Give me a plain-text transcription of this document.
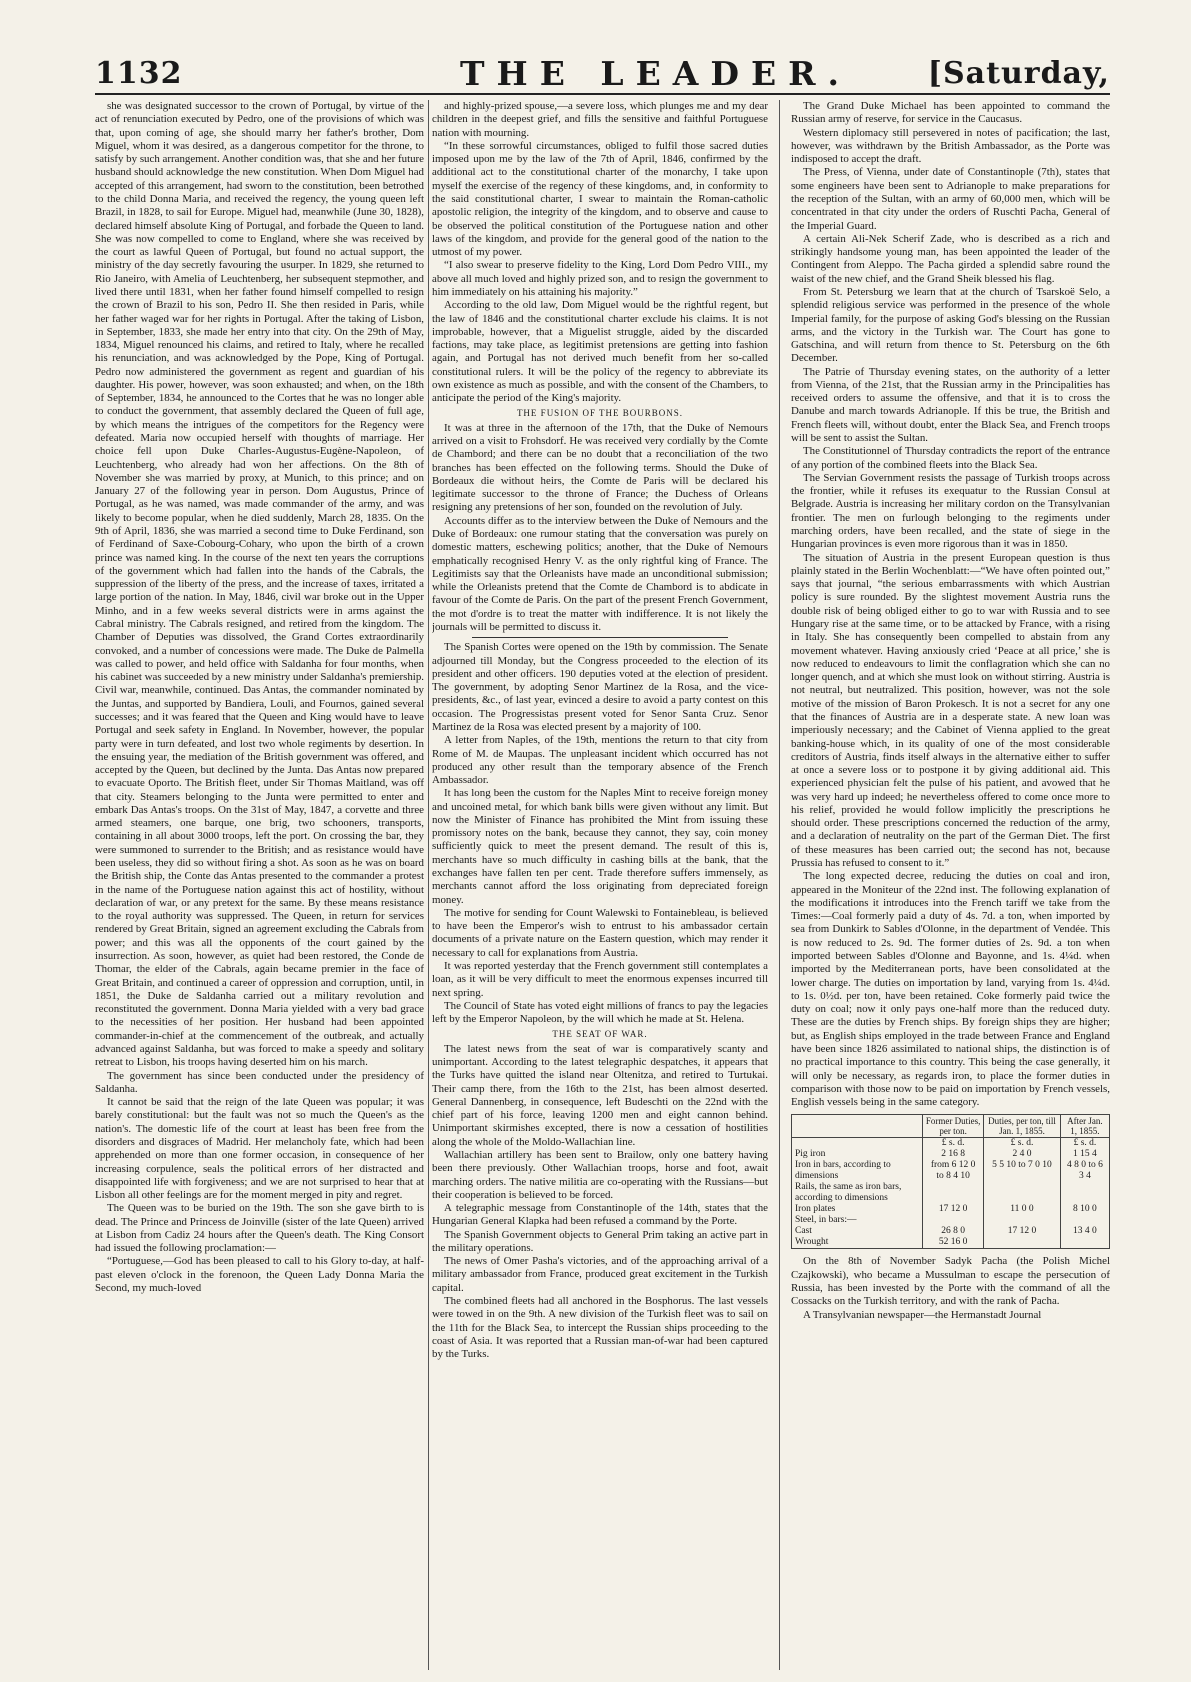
1132	THE LEADER.	[Saturday,

she was designated successor to the crown of Portugal, by virtue of the act of renunciation executed by Pedro, one of the provisions of which was that, upon coming of age, she should marry her father's brother, Dom Miguel, whom it was desired, as a dangerous competitor for the throne, to satisfy by such arrangement. Another condition was, that she and her future husband should acknowledge the new constitution. When Dom Miguel had accepted of this arrangement, had sworn to the constitution, been betrothed to the child Donna Maria, and received the regency, the young queen left Brazil, in 1828, to sail for Europe. Miguel had, meanwhile (June 30, 1828), declared himself absolute King of Portugal, and forbade the Queen to land. She was now compelled to come to England, where she was received by the court as lawful Queen of Portugal, but found no actual support, the ministry of the day secretly favouring the usurper. In 1829, she returned to Rio Janeiro, with Amelia of Leuchtenberg, her subsequent stepmother, and lived there until 1831, when her father found himself compelled to resign the crown of Brazil to his son, Pedro II. She then resided in Paris, while her father waged war for her rights in Portugal. After the taking of Lisbon, in September, 1833, she made her entry into that city. On the 29th of May, 1834, Miguel renounced his claims, and retired to Italy, where he recalled his renunciation, and was acknowledged by the Pope, King of Portugal. Pedro now administered the government as regent and guardian of his daughter. His power, however, was soon exhausted; and when, on the 18th of September, 1834, he announced to the Cortes that he was no longer able to conduct the government, that assembly declared the Queen of full age, by which means the intrigues of the competitors for the Regency were defeated. Maria now occupied herself with thoughts of marriage. Her choice fell upon Duke Charles-Augustus-Eugène-Napoleon, of Leuchtenberg, who already had won her affections. On the 8th of November she was married by proxy, at Munich, to this prince; and on January 27 of the following year in person. Dom Augustus, Prince of Portugal, as he was named, was made commander of the army, and was likely to become popular, when he died suddenly, March 28, 1835. On the 9th of April, 1836, she was married a second time to Duke Ferdinand, son of Ferdinand of Saxe-Cobourg-Cohary, who upon the birth of a crown prince was named king. In the course of the next ten years the corruptions of the government which had fallen into the hands of the Cabrals, the suppression of the liberty of the press, and the increase of taxes, irritated a large portion of the nation. In May, 1846, civil war broke out in the Upper Minho, and in a few weeks several districts were in arms against the Cabral ministry. The Cabrals resigned, and retired from the kingdom. The Chamber of Deputies was dissolved, the Grand Cortes extraordinarily convoked, and a number of concessions were made. The Duke de Palmella was called to power, and held office with Saldanha for four months, when his cabinet was succeeded by a new ministry under Saldanha's premiership. Civil war, meanwhile, continued. Das Antas, the commander nominated by the Juntas, and supported by Bandiera, Louli, and Fournos, gained several successes; and it was feared that the Queen and King would have to leave Portugal and seek safety in England. In November, however, the popular party were in turn defeated, and lost two whole regiments by desertion. In the ensuing year, the mediation of the British government was offered, and accepted by the Queen, but declined by the Junta. Das Antas now prepared to evacuate Oporto. The British fleet, under Sir Thomas Maitland, was off that city. Steamers belonging to the Junta were permitted to enter and embark Das Antas's troops. On the 31st of May, 1847, a corvette and three armed steamers, one barque, one brig, two schooners, transports, containing in all about 3000 troops, left the port. On crossing the bar, they were summoned to surrender to the British; and as resistance would have been useless, they did so without firing a shot. As soon as he was on board the British ship, the Conte das Antas presented to the commander a protest in the name of the Portuguese nation against this act of hostility, without declaration of war, or any pretext for the same. By these means resistance to the royal authority was suppressed. The Queen, in return for services rendered by Great Britain, signed an agreement excluding the Cabrals from power; and this was all the opponents of the court gained by the insurrection. As soon, however, as quiet had been restored, the Conde de Thomar, the elder of the Cabrals, again became premier in the face of Great Britain, and continued a career of oppression and corruption, until, in 1851, the Duke de Saldanha carried out a military revolution and reconstituted the government. Donna Maria yielded with a very bad grace to the necessities of her position. Her husband had been appointed commander-in-chief at the commencement of the outbreak, and actually advanced against Saldanha, but was forced to make a speedy and solitary retreat to Lisbon, his troops having deserted him on his march.

The government has since been conducted under the presidency of Saldanha.

It cannot be said that the reign of the late Queen was popular; it was barely constitutional: but the fault was not so much the Queen's as the nation's. The domestic life of the court at least has been free from the disorders and disgraces of Madrid. Her melancholy fate, which had been apprehended on more than one former occasion, in consequence of her increasing corpulence, seals the political errors of her distracted and disappointed life with forgiveness; and we are not surprised to hear that at Lisbon all other feelings are for the moment merged in pity and regret.

The Queen was to be buried on the 19th. The son she gave birth to is dead. The Prince and Princess de Joinville (sister of the late Queen) arrived at Lisbon from Cadiz 24 hours after the Queen's death. The King Consort had issued the following proclamation:—

“Portuguese,—God has been pleased to call to his Glory to-day, at half-past eleven o'clock in the forenoon, the Queen Lady Donna Maria the Second, my much-loved

and highly-prized spouse,—a severe loss, which plunges me and my dear children in the deepest grief, and fills the sensitive and faithful Portuguese nation with mourning.

“In these sorrowful circumstances, obliged to fulfil those sacred duties imposed upon me by the law of the 7th of April, 1846, confirmed by the additional act to the constitutional charter of the monarchy, I take upon myself the exercise of the regency of these kingdoms, and, in conformity to the said constitutional charter, I swear to maintain the Roman-catholic apostolic religion, the integrity of the kingdom, and to observe and cause to be observed the political constitution of the Portuguese nation and other laws of the kingdom, and provide for the general good of the nation to the utmost of my power.

“I also swear to preserve fidelity to the King, Lord Dom Pedro VIII., my above all much loved and highly prized son, and to resign the government to him immediately on his attaining his majority.”

According to the old law, Dom Miguel would be the rightful regent, but the law of 1846 and the constitutional charter exclude his claims. It is not improbable, however, that a Miguelist struggle, aided by the discarded factions, may take place, as legitimist pretensions are getting into fashion again, and Portugal has not derived much benefit from her so-called constitutional rulers. It will be the policy of the regency to abbreviate its own existence as much as possible, and with the consent of the Chambers, to anticipate the period of the King's majority.

THE FUSION OF THE BOURBONS.

It was at three in the afternoon of the 17th, that the Duke of Nemours arrived on a visit to Frohsdorf. He was received very cordially by the Comte de Chambord; and there can be no doubt that a reconciliation of the two branches has been effected on the following terms. Should the Duke of Bordeaux die without heirs, the Comte de Paris will be declared his legitimate successor to the throne of France; the Duchess of Orleans resigning any pretensions of her son, founded on the revolution of July.

Accounts differ as to the interview between the Duke of Nemours and the Duke of Bordeaux: one rumour stating that the conversation was purely on domestic matters, eschewing politics; another, that the Duke of Nemours emphatically recognised Henry V. as the only rightful king of France. The Legitimists say that the Orleanists have made an unconditional submission; while the Orleanists pretend that the Comte de Chambord is to abdicate in favour of the Comte de Paris. On the part of the present French Government, the mot d'ordre is to treat the matter with indifference. It is not likely the journals will be permitted to discuss it.

The Spanish Cortes were opened on the 19th by commission. The Senate adjourned till Monday, but the Congress proceeded to the election of its president and other officers. 190 deputies voted at the election of president. The government, by adopting Senor Martinez de la Rosa, and the vice-presidents, &c., of last year, evinced a desire to avoid a party contest on this occasion. The Progressistas present voted for Senor Santa Cruz. Senor Martinez de la Rosa was elected present by a majority of 100.

A letter from Naples, of the 19th, mentions the return to that city from Rome of M. de Maupas. The unpleasant incident which occurred has not produced any other result than the temporary absence of the French Ambassador.

It has long been the custom for the Naples Mint to receive foreign money and uncoined metal, for which bank bills were given without any limit. But now the Minister of Finance has prohibited the Mint from issuing these promissory notes on the bank, because they cannot, they say, coin money sufficiently quick to meet the present demand. The result of this is, merchants have so much difficulty in cashing bills at the bank, that the exchanges have fallen ten per cent. Trade therefore suffers immensely, as merchants cannot afford the loss originating from depreciated foreign money.

The motive for sending for Count Walewski to Fontainebleau, is believed to have been the Emperor's wish to entrust to his ambassador certain documents of a private nature on the Eastern question, which may render it necessary to call for explanations from Austria.

It was reported yesterday that the French government still contemplates a loan, as it will be very difficult to meet the enormous expenses incurred till next spring.

The Council of State has voted eight millions of francs to pay the legacies left by the Emperor Napoleon, by the will which he made at St. Helena.

THE SEAT OF WAR.

The latest news from the seat of war is comparatively scanty and unimportant. According to the latest telegraphic despatches, it appears that the Turks have quitted the island near Oltenitza, and retired to Turtukai. Their camp there, from the 16th to the 21st, has been almost deserted. General Dannenberg, in consequence, left Budeschti on the 22nd with the chief part of his force, leaving 1200 men and eight cannon behind. Unimportant skirmishes excepted, there is now a cessation of hostilities along the whole of the Moldo-Wallachian line.

Wallachian artillery has been sent to Brailow, only one battery having been there previously. Other Wallachian troops, horse and foot, await marching orders. The native militia are co-operating with the Russians—but their cooperation is believed to be forced.

A telegraphic message from Constantinople of the 14th, states that the Hungarian General Klapka had been refused a command by the Porte.

The Spanish Government objects to General Prim taking an active part in the military operations.

The news of Omer Pasha's victories, and of the approaching arrival of a military ambassador from France, produced great excitement in the Turkish capital.

The combined fleets had all anchored in the Bosphorus. The last vessels were towed in on the 9th. A new division of the Turkish fleet was to sail on the 11th for the Black Sea, to intercept the Russian ships proceeding to the coast of Asia. It was reported that a Russian man-of-war had been captured by the Turks.

The Grand Duke Michael has been appointed to command the Russian army of reserve, for service in the Caucasus.

Western diplomacy still persevered in notes of pacification; the last, however, was withdrawn by the British Ambassador, as the Porte was indisposed to accept the draft.

The Press, of Vienna, under date of Constantinople (7th), states that some engineers have been sent to Adrianople to make preparations for the reception of the Sultan, with an army of 60,000 men, which will be concentrated in that city under the orders of Ruschti Pacha, General of the Imperial Guard.

A certain Ali-Nek Scherif Zade, who is described as a rich and strikingly handsome young man, has been appointed the leader of the Contingent from Aleppo. The Pacha girded a splendid sabre round the waist of the new chief, and the Grand Sheik blessed his flag.

From St. Petersburg we learn that at the church of Tsarskoë Selo, a splendid religious service was performed in the presence of the whole Imperial family, for the purpose of asking God's blessing on the Russian arms, and the victory in the Turkish war. The Court has gone to Gatschina, and will return from thence to St. Petersburg on the 6th December.

The Patrie of Thursday evening states, on the authority of a letter from Vienna, of the 21st, that the Russian army in the Principalities has received orders to assume the offensive, and that it is to cross the Danube and march towards Adrianople. If this be true, the British and French fleets will, without doubt, enter the Black Sea, and French troops will be sent to assist the Sultan.

The Constitutionnel of Thursday contradicts the report of the entrance of any portion of the combined fleets into the Black Sea.

The Servian Government resists the passage of Turkish troops across the frontier, while it refuses its exequatur to the Russian Consul at Belgrade. Austria is increasing her military cordon on the Transylvanian frontier. The men on furlough belonging to the regiments under marching orders, have been recalled, and the state of siege in the Hungarian provinces is even more rigorous than it was in 1850.

The situation of Austria in the present European question is thus plainly stated in the Berlin Wochenblatt:—“We have often pointed out,” says that journal, “the serious embarrassments with which Austrian policy is sure rounded. By the slightest movement Austria runs the double risk of being obliged either to go to war with Russia and to see Hungary rise at the same time, or to be attacked by France, with a rising in Italy. She has consequently been compelled to abstain from any movement whatever. Having anxiously cried ‘Peace at all price,’ she is now reduced to endeavours to limit the conflagration which she can no longer quench, and at which she must look on without stirring. Austria is not neutral, but neutralized. This position, however, was not the sole motive of the mission of Baron Prokesch. It is not a secret for any one that the finances of Austria are in a desperate state. A new loan was imperiously necessary; and the Cabinet of Vienna applied to the great banking-house which, in its quality of one of the most considerable creditors of Austria, finds itself always in the alternative either to suffer at once a severe loss or to postpone it by giving additional aid. This experienced physician felt the pulse of his patient, and avowed that he was very hard up indeed; he nevertheless offered to come once more to his relief, provided he would follow implicitly the prescriptions he should order. These prescriptions concerned the reduction of the army, and a declaration of neutrality on the part of the German Diet. The first of these measures has been carried out; the second has not, because Prussia has refused to consent to it.”

The long expected decree, reducing the duties on coal and iron, appeared in the Moniteur of the 22nd inst. The following explanation of the modifications it introduces into the French tariff we take from the Times:—Coal formerly paid a duty of 4s. 7d. a ton, when imported by sea from Dunkirk to Sables d'Olonne, in the department of Vendée. This is now reduced to 2s. 9d. The former duties of 2s. 9d. a ton when imported between Sables d'Olonne and Bayonne, and 1s. 4¼d. when imported by the Mediterranean ports, have been consolidated at the lower charge. The duties on importation by land, varying from 1s. 4¼d. to 1s. 0½d. per ton, have been retained. Coke formerly paid twice the duty on coal; now it only pays one-half more than the reduced duty. These are the duties by French ships. By foreign ships they are higher; but, as English ships employed in the trade between France and England have been since 1826 assimilated to national ships, the distinction is of no practical importance to this country. This being the case generally, it will only be necessary, as regards iron, to place the former duties in comparison with those now to be paid on importation by French vessels, English vessels being in the same category.

	Former Duties, per ton.	Duties, per ton, till Jan. 1, 1855.	After Jan. 1, 1855.
	£ s. d.	£ s. d.	£ s. d.
Pig iron	2 16 8	2 4 0	1 15 4
Iron in bars, according to dimensions	from 6 12 0 to 8 4 10	5 5 10 to 7 0 10	4 8 0 to 6 3 4
Rails, the same as iron bars, according to dimensions			
Iron plates	17 12 0	11 0 0	8 10 0
Steel, in bars:—			
Cast	26 8 0	17 12 0	13 4 0
Wrought	52 16 0		

On the 8th of November Sadyk Pacha (the Polish Michel Czajkowski), who became a Mussulman to escape the persecution of Russia, has been invested by the Porte with the command of all the Cossacks on the Turkish territory, and with the rank of Pacha.

A Transylvanian newspaper—the Hermanstadt Journal
